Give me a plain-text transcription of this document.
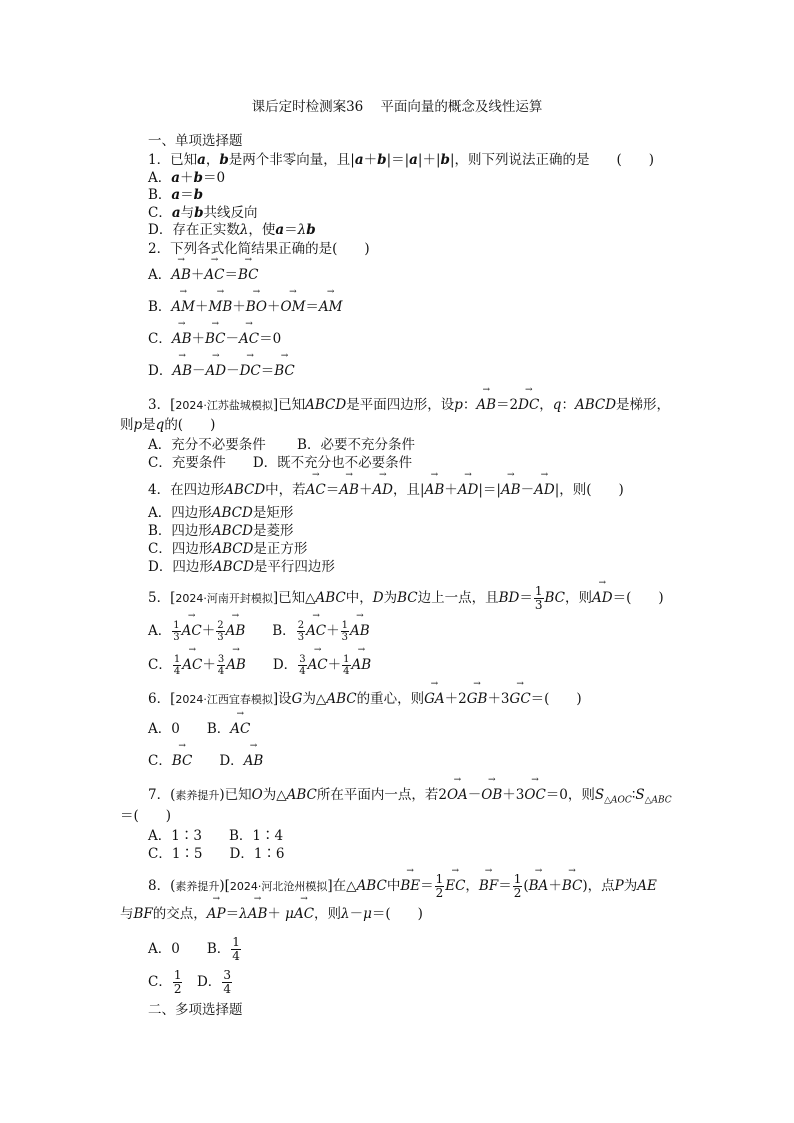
课后定时检测案36    平面向量的概念及线性运算
一、单项选择题
1．已知a，b是两个非零向量，且|a＋b|＝|a|＋|b|，则下列说法正确的是　　(　　)
A．a＋b＝0
B．a＝b
C．a与b共线反向
D．存在正实数λ，使a＝λb
2．下列各式化简结果正确的是(　　)
A．→ AB＋→ AC＝→ BC
B．→ AM＋→ MB＋→ BO＋→ OM＝→ AM
C．→ AB＋→ BC－→ AC＝0
D．→ AB－→ AD－→ DC＝→ BC
3．[2024·江苏盐城模拟]已知ABCD是平面四边形，设p：→ AB＝2→ DC，q：ABCD是梯形，
则p是q的(　　)
A．充分不必要条件　　 B．必要不充分条件
C．充要条件　　 D．既不充分也不必要条件
4．在四边形ABCD中，若→ AC＝→ AB＋→ AD，且|→ AB＋→ AD|＝|→ AB－→ AD|，则(　　)
A．四边形ABCD是矩形
B．四边形ABCD是菱形
C．四边形ABCD是正方形
D．四边形ABCD是平行四边形
5．[2024·河南开封模拟]已知△ABC中，D为BC边上一点，且$BD= \frac{1}{3}$ BC，则→ AD＝(　　)
A． $\frac{1}{3}$
→ $AC+ \frac{2}{3}$
→ AB　　B． $\frac{2}{3}$
→ $AC+ \frac{1}{3}$
→ AB
C． $\frac{1}{4}$
→ $AC+ \frac{3}{4}$
→ AB　　D． $\frac{3}{4}$
→ $AC+ \frac{1}{4}$
→ AB
6．[2024·江西宜春模拟]设G为△ABC的重心，则→ GA＋2→ GB＋3→ GC＝(　　)
A．0　　B．→ AC
C．→ BC　　D．→ AB
7．(素养提升)已知O为△ABC所在平面内一点，若2→ OA－→ OB＋3→ OC＝0，则$S_{\triangle AOC}∶S_{\triangle ABC}$
＝(　　)
A．1∶3　　 B．1∶4
C．1∶5　　 D．1∶6
8．(素养提升)[2024·河北沧州模拟]在△ABC中→ $BE= \frac{1}{2}$
→ EC，→ $BF= \frac{1}{2}$ (→ BA＋→ BC)，点P为AE
与BF的交点，→ AP＝λ→ AB＋ μ→ AC，则λ－μ＝(　　)
A．0　　B． $\frac{1}{4}$
C． $\frac{1}{2}$ 　D． $\frac{3}{4}$
二、多项选择题
